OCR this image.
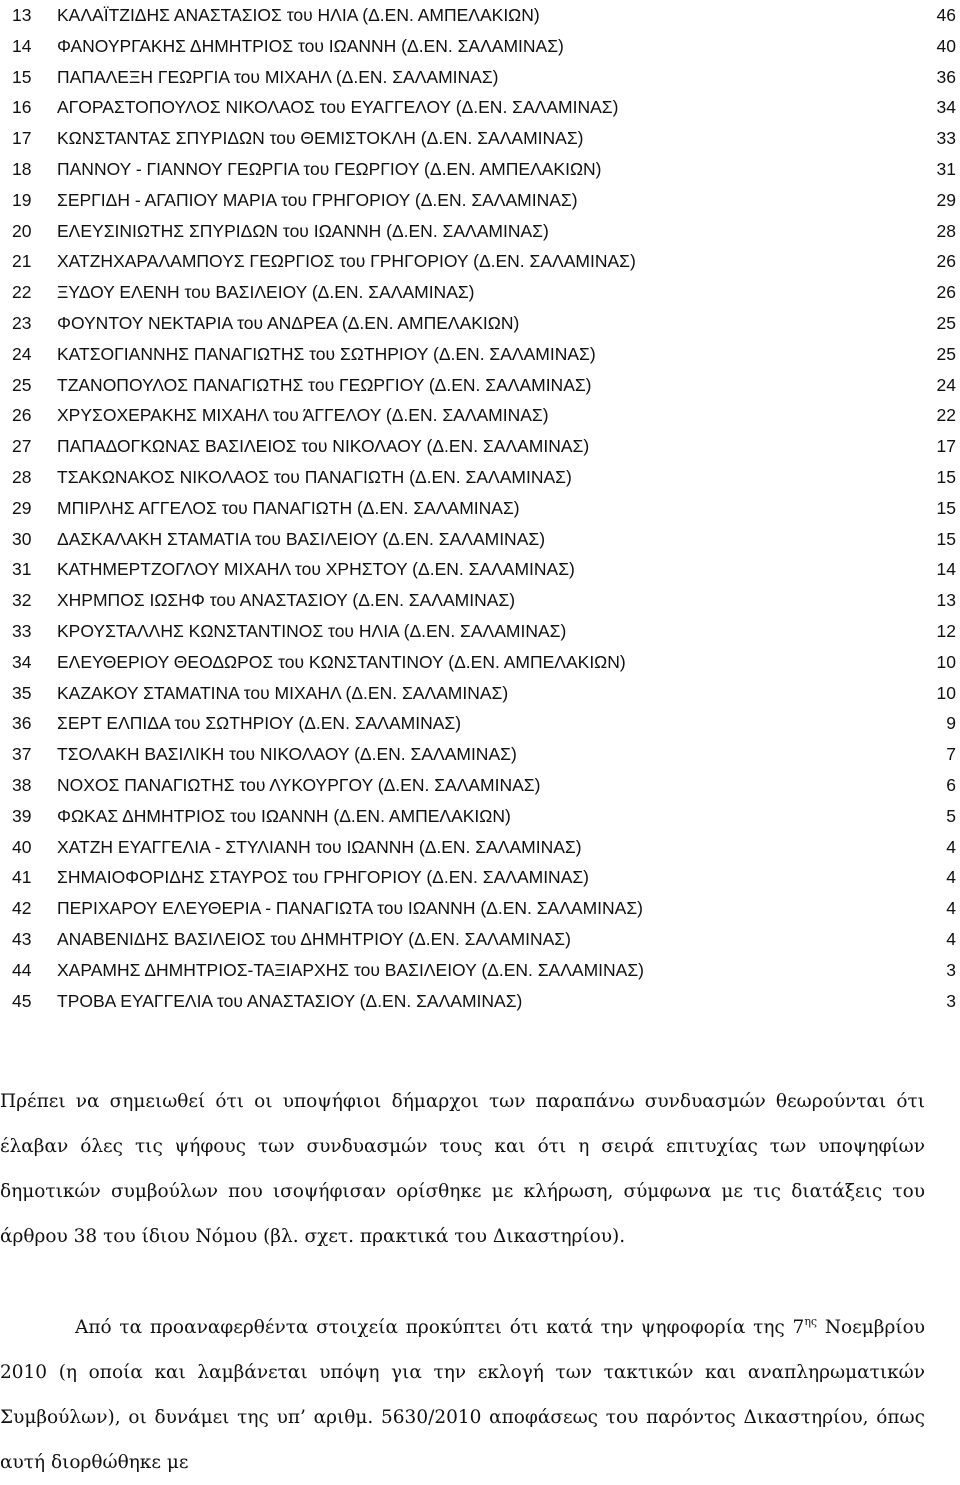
13 ΚΑΛΑΪΤΖΙΔΗΣ ΑΝΑΣΤΑΣΙΟΣ του ΗΛΙΑ (Δ.ΕΝ. ΑΜΠΕΛΑΚΙΩΝ)	46
14 ΦΑΝΟΥΡΓΑΚΗΣ ΔΗΜΗΤΡΙΟΣ του ΙΩΑΝΝΗ (Δ.ΕΝ. ΣΑΛΑΜΙΝΑΣ)	40
15 ΠΑΠΑΛΕΞΗ ΓΕΩΡΓΙΑ του ΜΙΧΑΗΛ (Δ.ΕΝ. ΣΑΛΑΜΙΝΑΣ)	36
16 ΑΓΟΡΑΣΤΟΠΟΥΛΟΣ ΝΙΚΟΛΑΟΣ του ΕΥΑΓΓΕΛΟΥ (Δ.ΕΝ. ΣΑΛΑΜΙΝΑΣ)	34
17 ΚΩΝΣΤΑΝΤΑΣ ΣΠΥΡΙΔΩΝ του ΘΕΜΙΣΤΟΚΛΗ (Δ.ΕΝ. ΣΑΛΑΜΙΝΑΣ)	33
18 ΠΑΝΝΟΥ - ΓΙΑΝΝΟΥ ΓΕΩΡΓΙΑ του ΓΕΩΡΓΙΟΥ (Δ.ΕΝ. ΑΜΠΕΛΑΚΙΩΝ)	31
19 ΣΕΡΓΙΔΗ - ΑΓΑΠΙΟΥ ΜΑΡΙΑ του ΓΡΗΓΟΡΙΟΥ (Δ.ΕΝ. ΣΑΛΑΜΙΝΑΣ)	29
20 ΕΛΕΥΣΙΝΙΩΤΗΣ ΣΠΥΡΙΔΩΝ του ΙΩΑΝΝΗ (Δ.ΕΝ. ΣΑΛΑΜΙΝΑΣ)	28
21 ΧΑΤΖΗΧΑΡΑΛΑΜΠΟΥΣ ΓΕΩΡΓΙΟΣ του ΓΡΗΓΟΡΙΟΥ (Δ.ΕΝ. ΣΑΛΑΜΙΝΑΣ)	26
22 ΞΥΔΟΥ ΕΛΕΝΗ του ΒΑΣΙΛΕΙΟΥ (Δ.ΕΝ. ΣΑΛΑΜΙΝΑΣ)	26
23 ΦΟΥΝΤΟΥ ΝΕΚΤΑΡΙΑ του ΑΝΔΡΕΑ (Δ.ΕΝ. ΑΜΠΕΛΑΚΙΩΝ)	25
24 ΚΑΤΣΟΓΙΑΝΝΗΣ ΠΑΝΑΓΙΩΤΗΣ του ΣΩΤΗΡΙΟΥ (Δ.ΕΝ. ΣΑΛΑΜΙΝΑΣ)	25
25 ΤΖΑΝΟΠΟΥΛΟΣ ΠΑΝΑΓΙΩΤΗΣ του ΓΕΩΡΓΙΟΥ (Δ.ΕΝ. ΣΑΛΑΜΙΝΑΣ)	24
26 ΧΡΥΣΟΧΕΡΑΚΗΣ ΜΙΧΑΗΛ του ΆΓΓΕΛΟΥ (Δ.ΕΝ. ΣΑΛΑΜΙΝΑΣ)	22
27 ΠΑΠΑΔΟΓΚΩΝΑΣ ΒΑΣΙΛΕΙΟΣ του ΝΙΚΟΛΑΟΥ (Δ.ΕΝ. ΣΑΛΑΜΙΝΑΣ)	17
28 ΤΣΑΚΩΝΑΚΟΣ ΝΙΚΟΛΑΟΣ του ΠΑΝΑΓΙΩΤΗ (Δ.ΕΝ. ΣΑΛΑΜΙΝΑΣ)	15
29 ΜΠΙΡΛΗΣ ΑΓΓΕΛΟΣ του ΠΑΝΑΓΙΩΤΗ (Δ.ΕΝ. ΣΑΛΑΜΙΝΑΣ)	15
30 ΔΑΣΚΑΛΑΚΗ ΣΤΑΜΑΤΙΑ του ΒΑΣΙΛΕΙΟΥ (Δ.ΕΝ. ΣΑΛΑΜΙΝΑΣ)	15
31 ΚΑΤΗΜΕΡΤΖΟΓΛΟΥ ΜΙΧΑΗΛ του ΧΡΗΣΤΟΥ (Δ.ΕΝ. ΣΑΛΑΜΙΝΑΣ)	14
32 ΧΗΡΜΠΟΣ ΙΩΣΗΦ του ΑΝΑΣΤΑΣΙΟΥ (Δ.ΕΝ. ΣΑΛΑΜΙΝΑΣ)	13
33 ΚΡΟΥΣΤΑΛΛΗΣ ΚΩΝΣΤΑΝΤΙΝΟΣ του ΗΛΙΑ (Δ.ΕΝ. ΣΑΛΑΜΙΝΑΣ)	12
34 ΕΛΕΥΘΕΡΙΟΥ ΘΕΟΔΩΡΟΣ του ΚΩΝΣΤΑΝΤΙΝΟΥ (Δ.ΕΝ. ΑΜΠΕΛΑΚΙΩΝ)	10
35 ΚΑΖΑΚΟΥ ΣΤΑΜΑΤΙΝΑ του ΜΙΧΑΗΛ (Δ.ΕΝ. ΣΑΛΑΜΙΝΑΣ)	10
36 ΣΕΡΤ ΕΛΠΙΔΑ του ΣΩΤΗΡΙΟΥ (Δ.ΕΝ. ΣΑΛΑΜΙΝΑΣ)	9
37 ΤΣΟΛΑΚΗ ΒΑΣΙΛΙΚΗ του ΝΙΚΟΛΑΟΥ (Δ.ΕΝ. ΣΑΛΑΜΙΝΑΣ)	7
38 ΝΟΧΟΣ ΠΑΝΑΓΙΩΤΗΣ του ΛΥΚΟΥΡΓΟΥ (Δ.ΕΝ. ΣΑΛΑΜΙΝΑΣ)	6
39 ΦΩΚΑΣ ΔΗΜΗΤΡΙΟΣ του ΙΩΑΝΝΗ (Δ.ΕΝ. ΑΜΠΕΛΑΚΙΩΝ)	5
40 ΧΑΤΖΗ ΕΥΑΓΓΕΛΙΑ - ΣΤΥΛΙΑΝΗ του ΙΩΑΝΝΗ (Δ.ΕΝ. ΣΑΛΑΜΙΝΑΣ)	4
41 ΣΗΜΑΙΟΦΟΡΙΔΗΣ ΣΤΑΥΡΟΣ του ΓΡΗΓΟΡΙΟΥ (Δ.ΕΝ. ΣΑΛΑΜΙΝΑΣ)	4
42 ΠΕΡΙΧΑΡΟΥ ΕΛΕΥΘΕΡΙΑ - ΠΑΝΑΓΙΩΤΑ του ΙΩΑΝΝΗ (Δ.ΕΝ. ΣΑΛΑΜΙΝΑΣ)	4
43 ΑΝΑΒΕΝΙΔΗΣ ΒΑΣΙΛΕΙΟΣ του ΔΗΜΗΤΡΙΟΥ (Δ.ΕΝ. ΣΑΛΑΜΙΝΑΣ)	4
44 ΧΑΡΑΜΗΣ ΔΗΜΗΤΡΙΟΣ-ΤΑΞΙΑΡΧΗΣ του ΒΑΣΙΛΕΙΟΥ (Δ.ΕΝ. ΣΑΛΑΜΙΝΑΣ)	3
45 ΤΡΟΒΑ ΕΥΑΓΓΕΛΙΑ του ΑΝΑΣΤΑΣΙΟΥ (Δ.ΕΝ. ΣΑΛΑΜΙΝΑΣ)	3

Πρέπει να σημειωθεί ότι οι υποψήφιοι δήμαρχοι των παραπάνω συνδυασμών θεωρούνται ότι έλαβαν όλες τις ψήφους των συνδυασμών τους και ότι η σειρά επιτυχίας των υποψηφίων δημοτικών συμβούλων που ισοψήφισαν ορίσθηκε με κλήρωση, σύμφωνα με τις διατάξεις του άρθρου 38 του ίδιου Νόμου (βλ. σχετ. πρακτικά του Δικαστηρίου).

Από τα προαναφερθέντα στοιχεία προκύπτει ότι κατά την ψηφοφορία της $7^{\eta\varsigma}$ Νοεμβρίου 2010 (η οποία και λαμβάνεται υπόψη για την εκλογή των τακτικών και αναπληρωματικών Συμβούλων), οι δυνάμει της υπ’ αριθμ. 5630/2010 αποφάσεως του παρόντος Δικαστηρίου, όπως αυτή διορθώθηκε με
